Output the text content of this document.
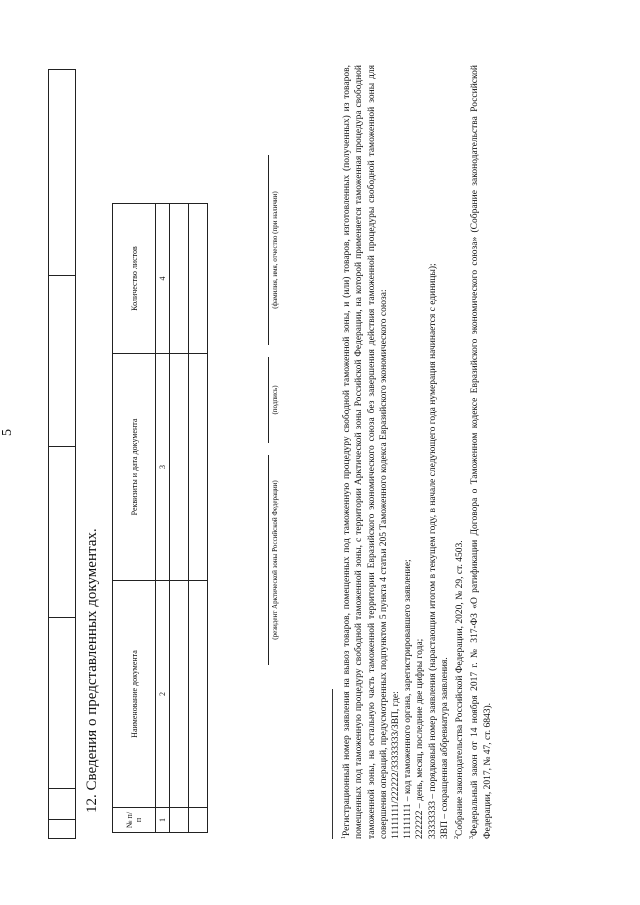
5

12. Сведения о представленных документах.
№ п/п	Наименование документа	Реквизиты и дата документа	Количество листов
1	2	3	4

(резидент Арктической зоны Российской Федерации)
(подпись)
(фамилия, имя, отчество (при наличии)

$^1$Регистрационный номер заявления на вывоз товаров, помещенных под таможенную процедуру свободной таможенной зоны, и (или) товаров, изготовленных (полученных) из товаров, помещенных под таможенную процедуру свободной таможенной зоны, с территории Арктической зоны Российской Федерации, на которой применяется таможенная процедура свободной таможенной зоны, на остальную часть таможенной территории Евразийского экономического союза без завершения действия таможенной процедуры свободной таможенной зоны для совершения операций, предусмотренных подпунктом 5 пункта 4 статьи 205 Таможенного кодекса Евразийского экономического союза: 11111111/222222/33333333/ЗВП, где: 11111111 – код таможенного органа, зарегистрировавшего заявление; 222222 – день, месяц, последние две цифры года; 33333333 – порядковый номер заявления (нарастающим итогом в текущем году, в начале следующего года нумерация начинается с единицы); ЗВП – сокращенная аббревиатура заявления. $^2$Собрание законодательства Российской Федерации, 2020, № 29, ст. 4503.

$^3$Федеральный закон от 14 ноября 2017 г. № 317-ФЗ «О ратификации Договора о Таможенном кодексе Евразийского экономического союза» (Собрание законодательства Российской Федерации, 2017, № 47, ст. 6843).
